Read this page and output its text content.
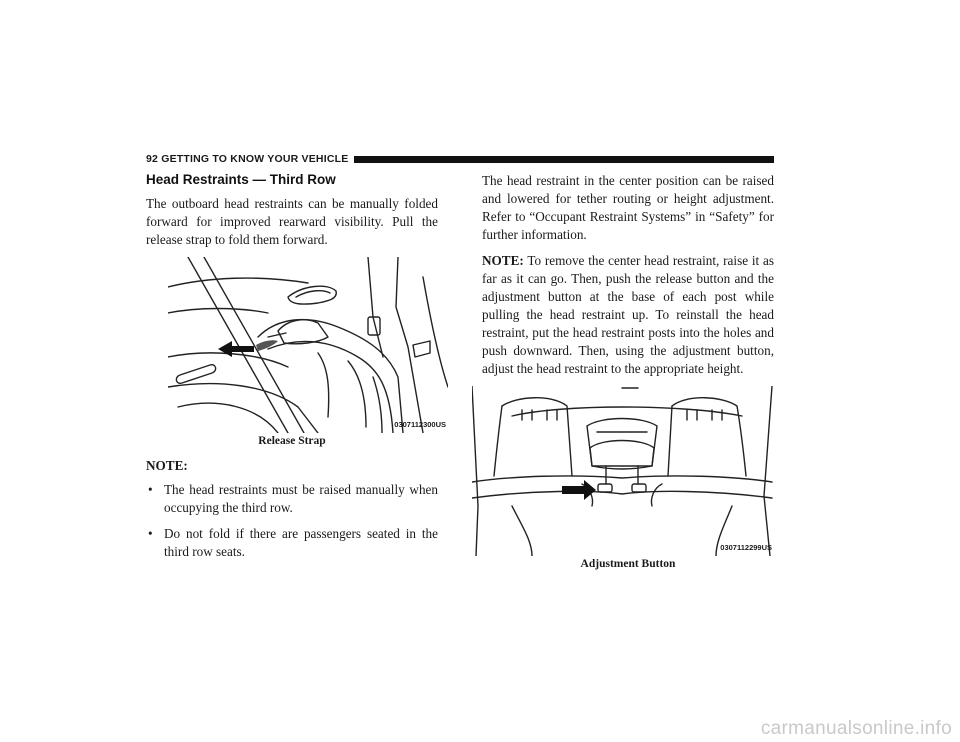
92 GETTING TO KNOW YOUR VEHICLE
Head Restraints — Third Row

The outboard head restraints can be manually folded forward for improved rearward visibility. Pull the release strap to fold them forward.

0307112300US
Release Strap

NOTE:

• The head restraints must be raised manually when occupying the third row.
• Do not fold if there are passengers seated in the third row seats.

The head restraint in the center position can be raised and lowered for tether routing or height adjustment. Refer to “Occupant Restraint Systems” in “Safety” for further information.

NOTE: To remove the center head restraint, raise it as far as it can go. Then, push the release button and the adjustment button at the base of each post while pulling the head restraint up. To reinstall the head restraint, put the head restraint posts into the holes and push downward. Then, using the adjustment button, adjust the head restraint to the appropriate height.

0307112299US
Adjustment Button
carmanualsonline.info
